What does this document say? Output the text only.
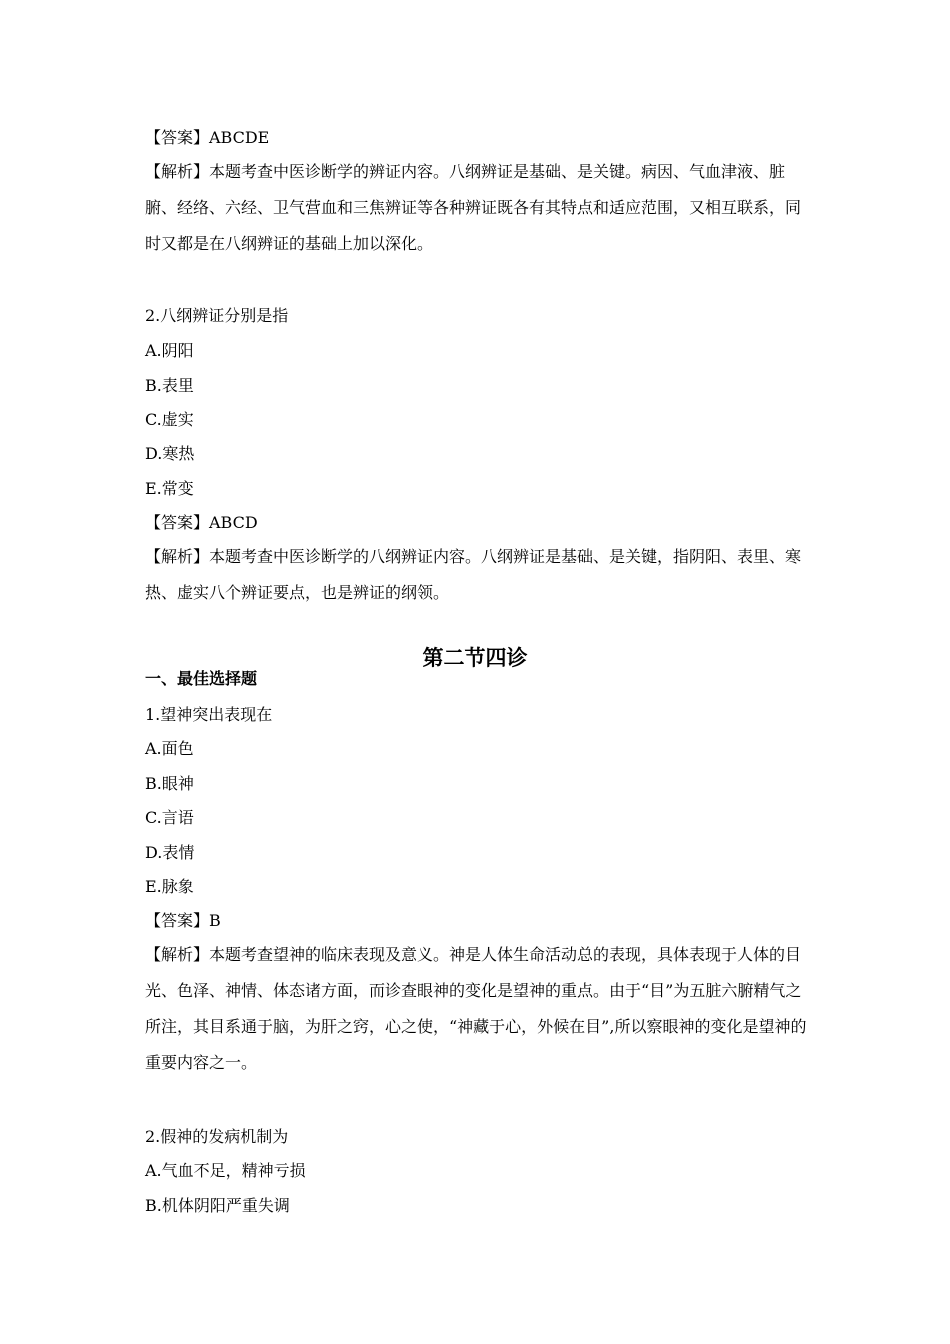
【答案】ABCDE
【解析】本题考查中医诊断学的辨证内容。八纲辨证是基础、是关键。病因、气血津液、脏腑、经络、六经、卫气营血和三焦辨证等各种辨证既各有其特点和适应范围，又相互联系，同时又都是在八纲辨证的基础上加以深化。
2.八纲辨证分别是指
A.阴阳
B.表里
C.虚实
D.寒热
E.常变
【答案】ABCD
【解析】本题考查中医诊断学的八纲辨证内容。八纲辨证是基础、是关键，指阴阳、表里、寒热、虚实八个辨证要点，也是辨证的纲领。
第二节四诊
一、最佳选择题
1.望神突出表现在
A.面色
B.眼神
C.言语
D.表情
E.脉象
【答案】B
【解析】本题考查望神的临床表现及意义。神是人体生命活动总的表现，具体表现于人体的目光、色泽、神情、体态诸方面，而诊查眼神的变化是望神的重点。由于“目”为五脏六腑精气之所注，其目系通于脑，为肝之窍，心之使，“神藏于心，外候在目”,所以察眼神的变化是望神的重要内容之一。
2.假神的发病机制为
A.气血不足，精神亏损
B.机体阴阳严重失调
